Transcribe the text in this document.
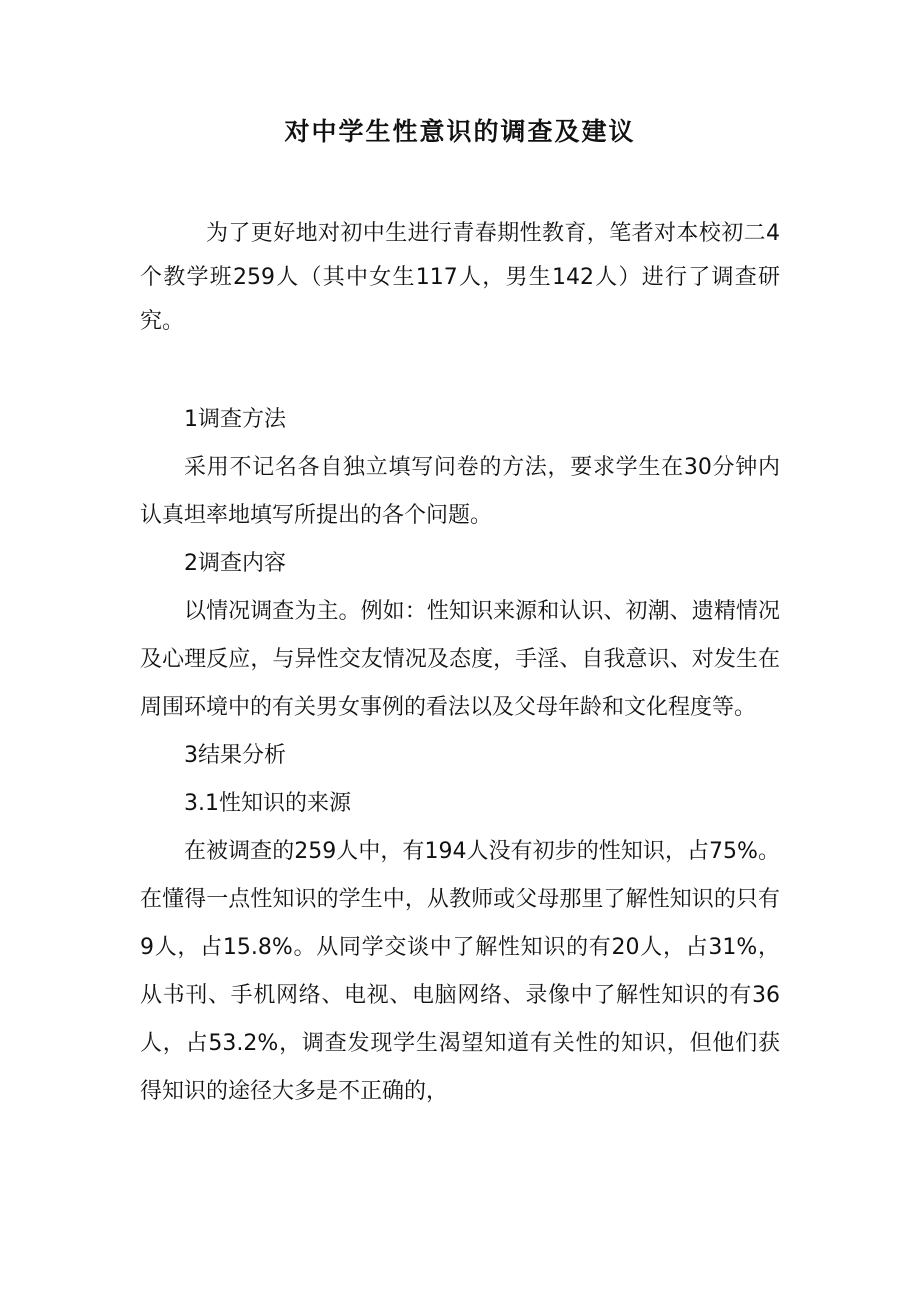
对中学生性意识的调查及建议

为了更好地对初中生进行青春期性教育，笔者对本校初二4个教学班259人（其中女生117人，男生142人）进行了调查研究。

1调查方法

采用不记名各自独立填写问卷的方法，要求学生在30分钟内认真坦率地填写所提出的各个问题。

2调查内容

以情况调查为主。例如：性知识来源和认识、初潮、遗精情况及心理反应，与异性交友情况及态度，手淫、自我意识、对发生在周围环境中的有关男女事例的看法以及父母年龄和文化程度等。

3结果分析

3.1性知识的来源

在被调查的259人中，有194人没有初步的性知识，占75%。在懂得一点性知识的学生中，从教师或父母那里了解性知识的只有9人，占15.8%。从同学交谈中了解性知识的有20人，占31%，从书刊、手机网络、电视、电脑网络、录像中了解性知识的有36人，占53.2%，调查发现学生渴望知道有关性的知识，但他们获得知识的途径大多是不正确的，
